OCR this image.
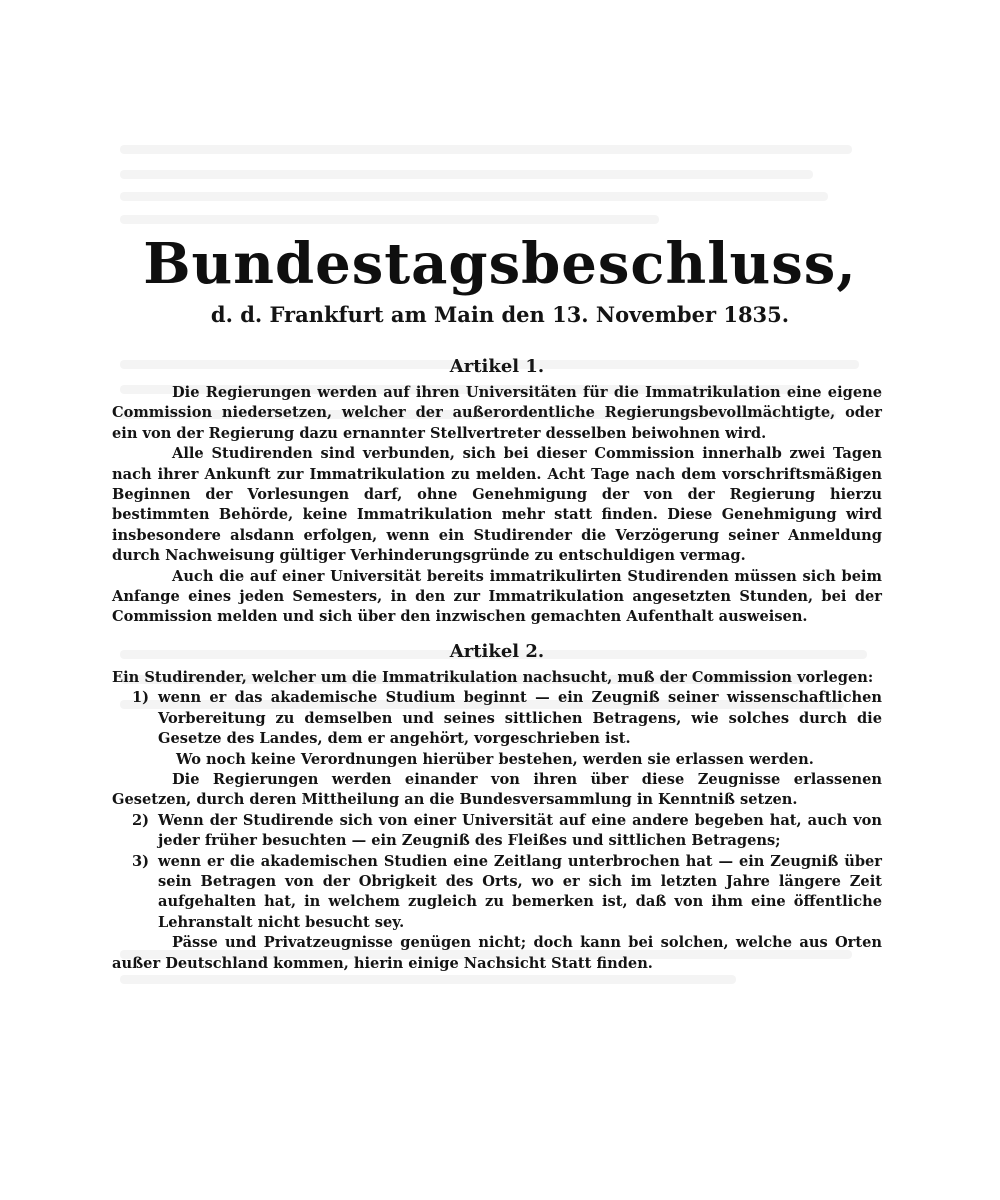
Bundestagsbeschluss,
d. d. Frankfurt am Main den 13. November 1835.
Artikel 1.

Die Regierungen werden auf ihren Universitäten für die Immatrikulation eine eigene Commission niedersetzen, welcher der außerordentliche Regierungsbevollmächtigte, oder ein von der Regierung dazu ernannter Stellvertreter desselben beiwohnen wird.

Alle Studirenden sind verbunden, sich bei dieser Commission innerhalb zwei Tagen nach ihrer Ankunft zur Immatrikulation zu melden. Acht Tage nach dem vorschriftsmäßigen Beginnen der Vorlesungen darf, ohne Genehmigung der von der Regierung hierzu bestimmten Behörde, keine Immatrikulation mehr statt finden. Diese Genehmigung wird insbesondere alsdann erfolgen, wenn ein Studirender die Verzögerung seiner Anmeldung durch Nachweisung gültiger Verhinderungsgründe zu entschuldigen vermag.

Auch die auf einer Universität bereits immatrikulirten Studirenden müssen sich beim Anfange eines jeden Semesters, in den zur Immatrikulation angesetzten Stunden, bei der Commission melden und sich über den inzwischen gemachten Aufenthalt ausweisen.

Artikel 2.

Ein Studirender, welcher um die Immatrikulation nachsucht, muß der Commission vorlegen:

1) wenn er das akademische Studium beginnt — ein Zeugniß seiner wissenschaftlichen Vorbereitung zu demselben und seines sittlichen Betragens, wie solches durch die Gesetze des Landes, dem er angehört, vorgeschrieben ist.

Wo noch keine Verordnungen hierüber bestehen, werden sie erlassen werden.

Die Regierungen werden einander von ihren über diese Zeugnisse erlassenen Gesetzen, durch deren Mittheilung an die Bundesversammlung in Kenntniß setzen.

2) Wenn der Studirende sich von einer Universität auf eine andere begeben hat, auch von jeder früher besuchten — ein Zeugniß des Fleißes und sittlichen Betragens;
3) wenn er die akademischen Studien eine Zeitlang unterbrochen hat — ein Zeugniß über sein Betragen von der Obrigkeit des Orts, wo er sich im letzten Jahre längere Zeit aufgehalten hat, in welchem zugleich zu bemerken ist, daß von ihm eine öffentliche Lehranstalt nicht besucht sey.

Pässe und Privatzeugnisse genügen nicht; doch kann bei solchen, welche aus Orten außer Deutschland kommen, hierin einige Nachsicht Statt finden.
